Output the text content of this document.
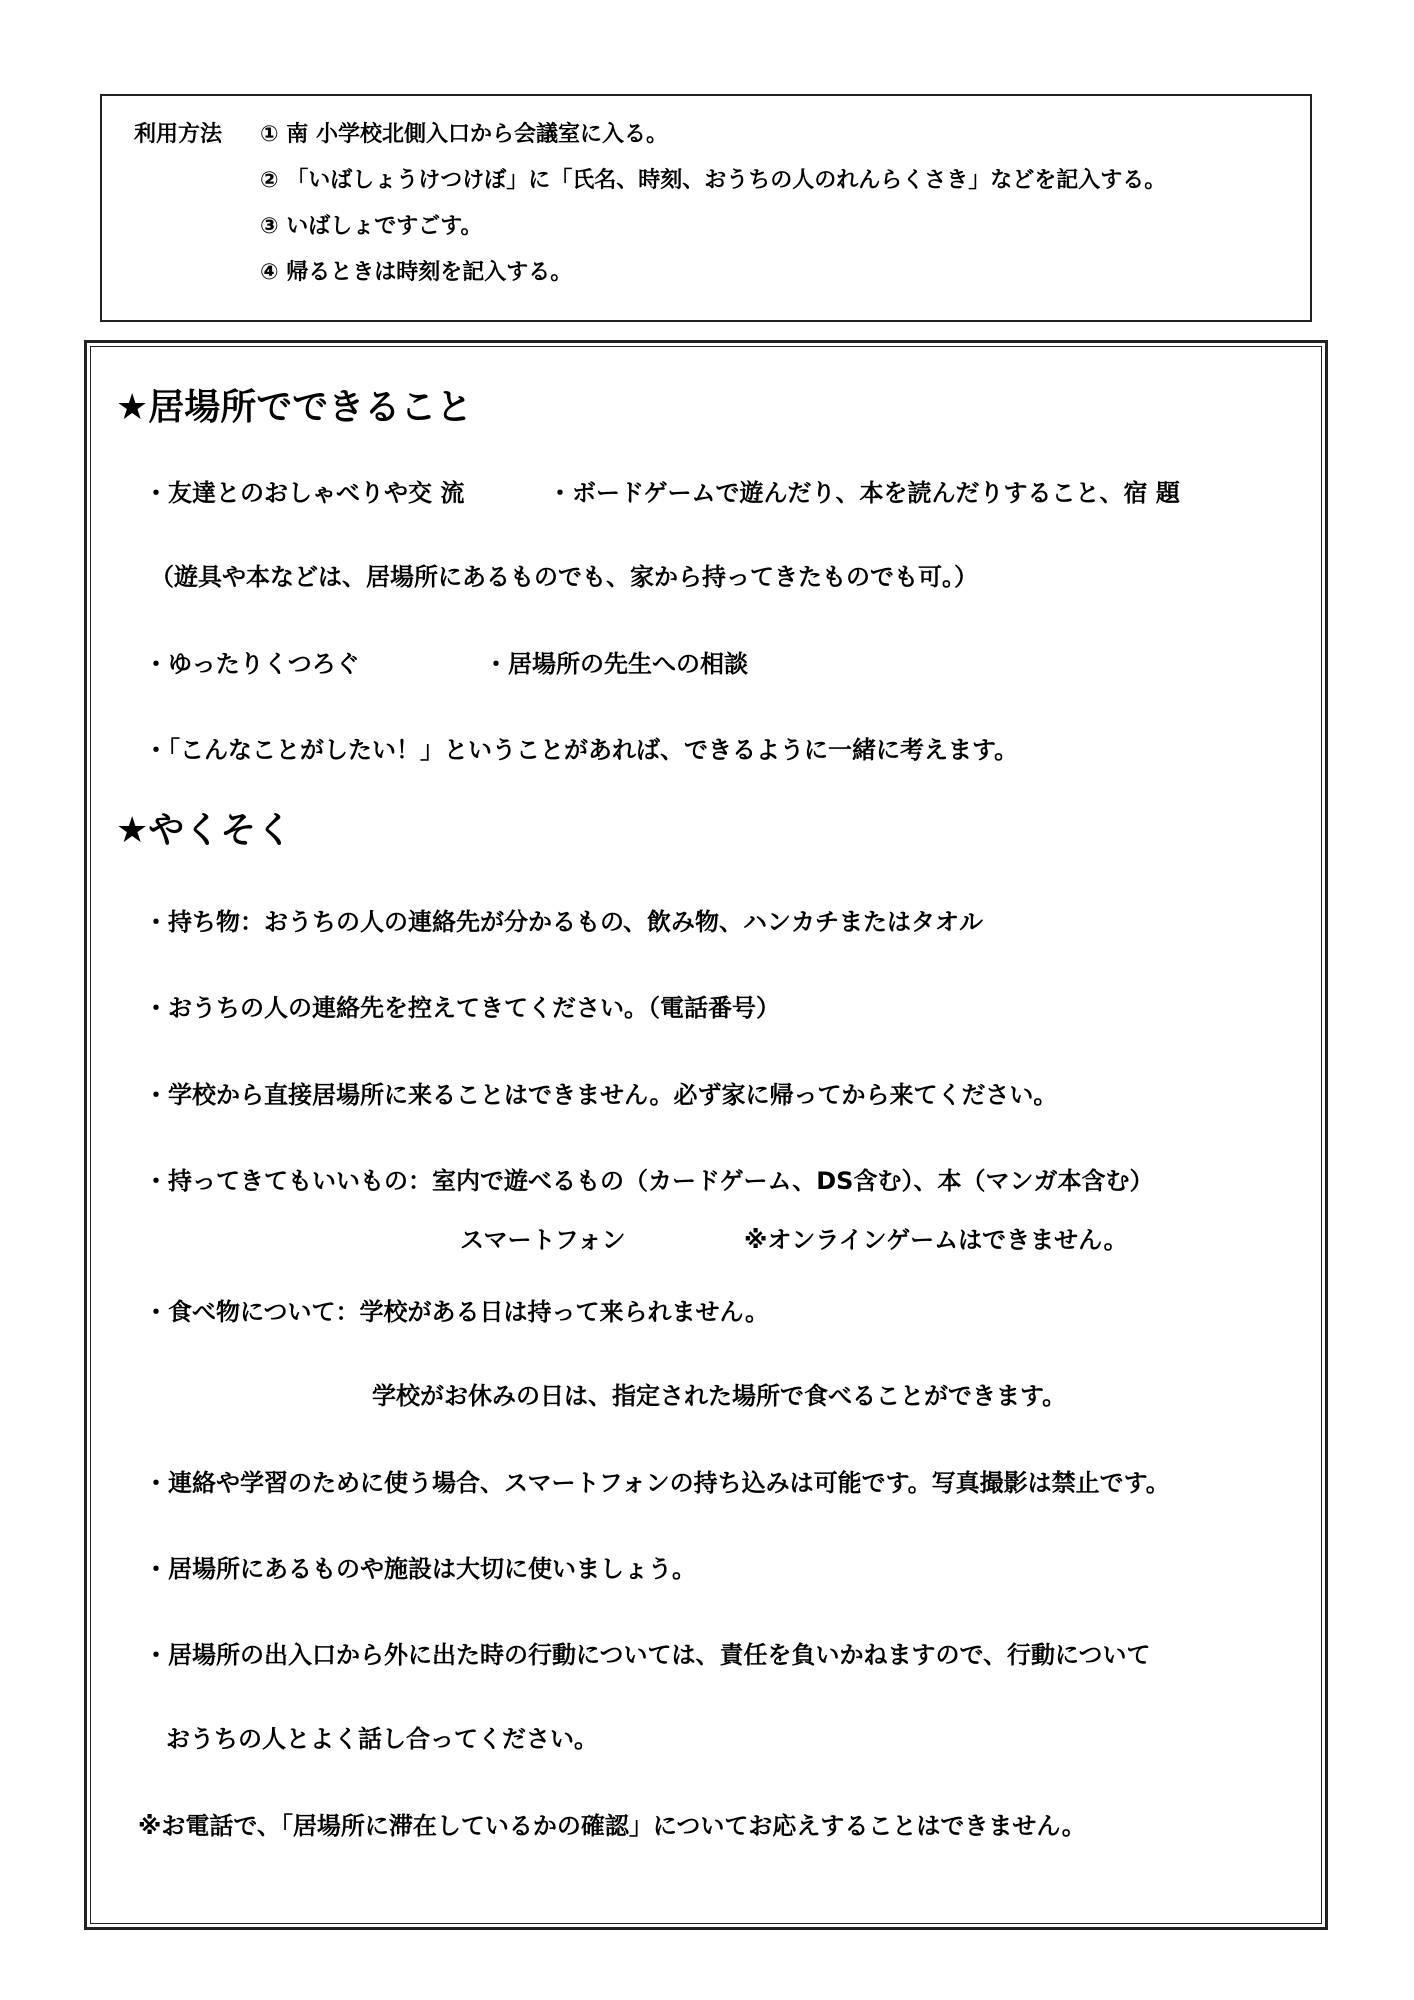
利用方法 ① 南 小学校北側入口から会議室に入る。
② 「いばしょうけつけぼ」に「氏名、時刻、おうちの人のれんらくさき」などを記入する。
③ いばしょですごす。
④ 帰るときは時刻を記入する。
★居場所でできること
・友達とのおしゃべりや交 流	・ボードゲームで遊んだり、本を読んだりすること、宿 題
（遊具や本などは、居場所にあるものでも、家から持ってきたものでも可。）
・ゆったりくつろぐ	・居場所の先生への相談
・「こんなことがしたい！」ということがあれば、できるように一緒に考えます。
★やくそく
・持ち物：おうちの人の連絡先が分かるもの、飲み物、ハンカチまたはタオル
・おうちの人の連絡先を控えてきてください。（電話番号）
・学校から直接居場所に来ることはできません。必ず家に帰ってから来てください。
・持ってきてもいいもの：室内で遊べるもの（カードゲーム、DS含む）、本（マンガ本含む）
スマートフォン	※オンラインゲームはできません。
・食べ物について：学校がある日は持って来られません。
学校がお休みの日は、指定された場所で食べることができます。
・連絡や学習のために使う場合、スマートフォンの持ち込みは可能です。写真撮影は禁止です。
・居場所にあるものや施設は大切に使いましょう。
・居場所の出入口から外に出た時の行動については、責任を負いかねますので、行動について
おうちの人とよく話し合ってください。
※お電話で、「居場所に滞在しているかの確認」についてお応えすることはできません。
